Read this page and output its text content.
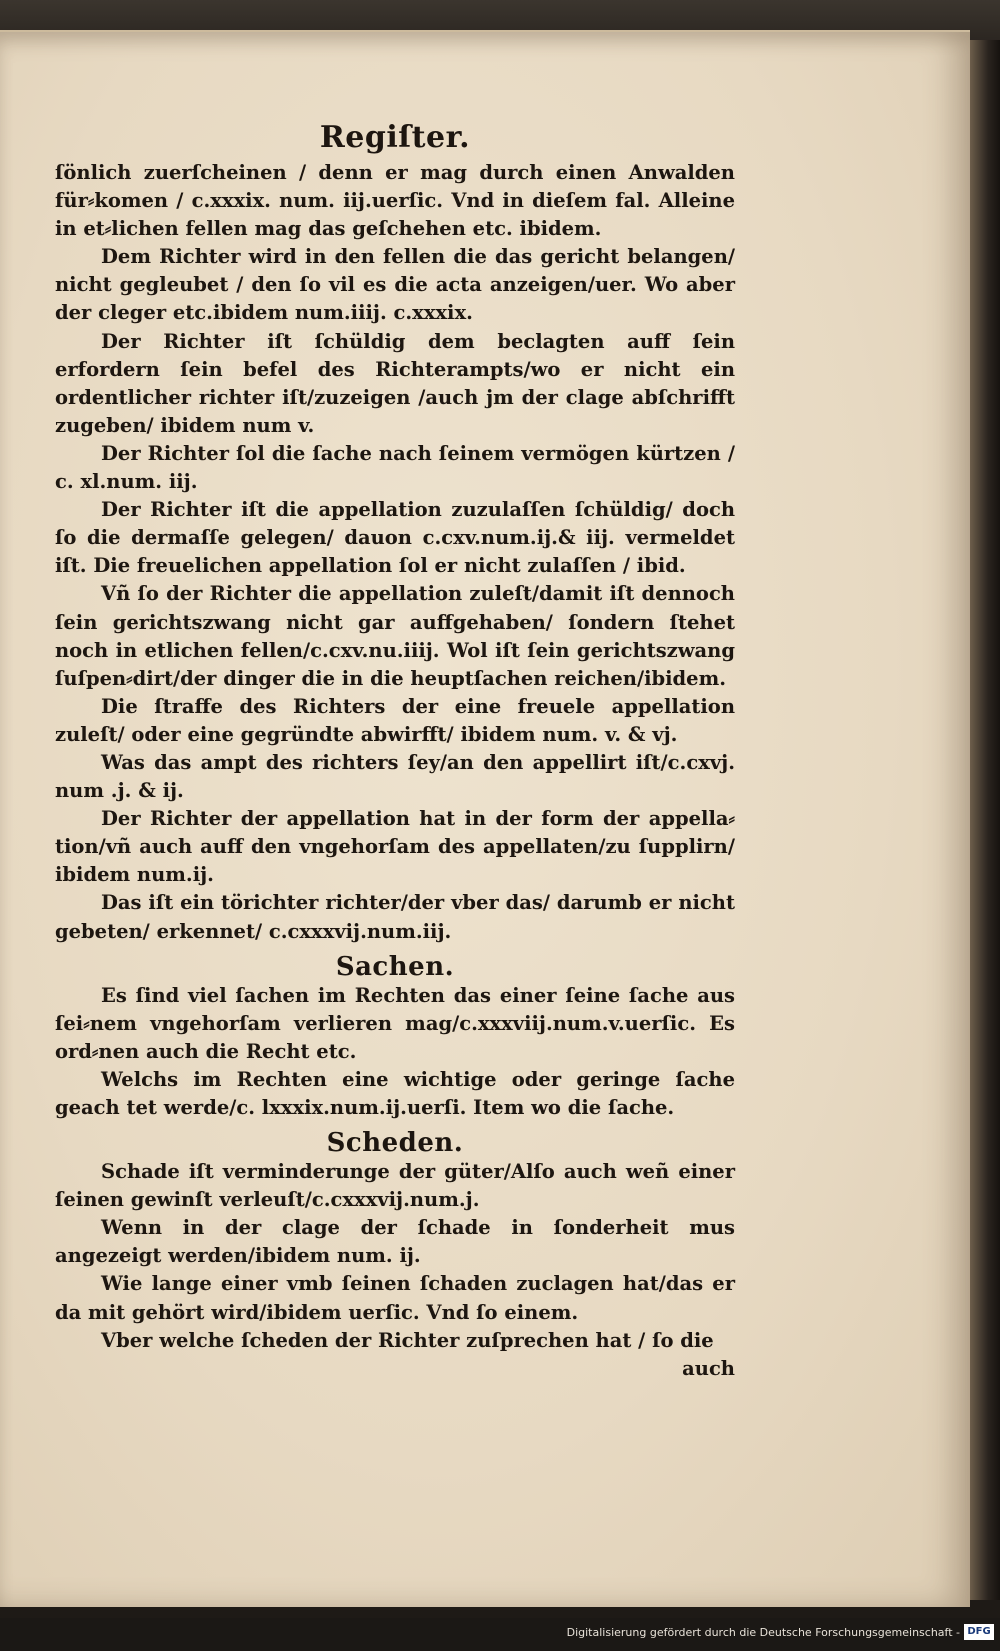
Regiſter.

ſönlich zuerſcheinen / denn er mag durch einen Anwalden für⸗komen / c.xxxix. num. iij.uerſic. Vnd in dieſem fal. Alleine in et⸗lichen fellen mag das geſchehen etc. ibidem.

Dem Richter wird in den fellen die das gericht belangen/ nicht gegleubet / den ſo vil es die acta anzeigen/uer. Wo aber der cleger etc.ibidem num.iiij. c.xxxix.

Der Richter iſt ſchüldig dem beclagten auff ſein erfordern ſein befel des Richterampts/wo er nicht ein ordentlicher richter iſt/zuzeigen /auch jm der clage abſchrifft zugeben/ ibidem num v.

Der Richter ſol die ſache nach ſeinem vermögen kürtzen / c. xl.num. iij.

Der Richter iſt die appellation zuzulaſſen ſchüldig/ doch ſo die dermaſſe gelegen/ dauon c.cxv.num.ij.& iij. vermeldet iſt. Die freuelichen appellation ſol er nicht zulaſſen / ibid.

Vñ ſo der Richter die appellation zuleſt/damit iſt dennoch ſein gerichtszwang nicht gar auffgehaben/ ſondern ſtehet noch in etlichen fellen/c.cxv.nu.iiij. Wol iſt ſein gerichtszwang ſuſpen⸗dirt/der dinger die in die heuptſachen reichen/ibidem.

Die ſtraffe des Richters der eine freuele appellation zuleſt/ oder eine gegründte abwirfft/ ibidem num. v. & vj.

Was das ampt des richters ſey/an den appellirt iſt/c.cxvj. num .j. & ij.

Der Richter der appellation hat in der form der appella⸗tion/vñ auch auff den vngehorſam des appellaten/zu ſupplirn/ ibidem num.ij.

Das iſt ein törichter richter/der vber das/ darumb er nicht gebeten/ erkennet/ c.cxxxvij.num.iij.

Sachen.

Es ſind viel ſachen im Rechten das einer ſeine ſache aus ſei⸗nem vngehorſam verlieren mag/c.xxxviij.num.v.uerſic. Es ord⸗nen auch die Recht etc.

Welchs im Rechten eine wichtige oder geringe ſache geach tet werde/c. lxxxix.num.ij.uerſi. Item wo die ſache.

Scheden.

Schade iſt verminderunge der güter/Alſo auch weñ einer ſeinen gewinſt verleuſt/c.cxxxvij.num.j.

Wenn in der clage der ſchade in ſonderheit mus angezeigt werden/ibidem num. ij.

Wie lange einer vmb ſeinen ſchaden zuclagen hat/das er da mit gehört wird/ibidem uerſic. Vnd ſo einem.

Vber welche ſcheden der Richter zuſprechen hat / ſo die

auch

Digitalisierung gefördert durch die Deutsche Forschungsgemeinschaft - DFG
